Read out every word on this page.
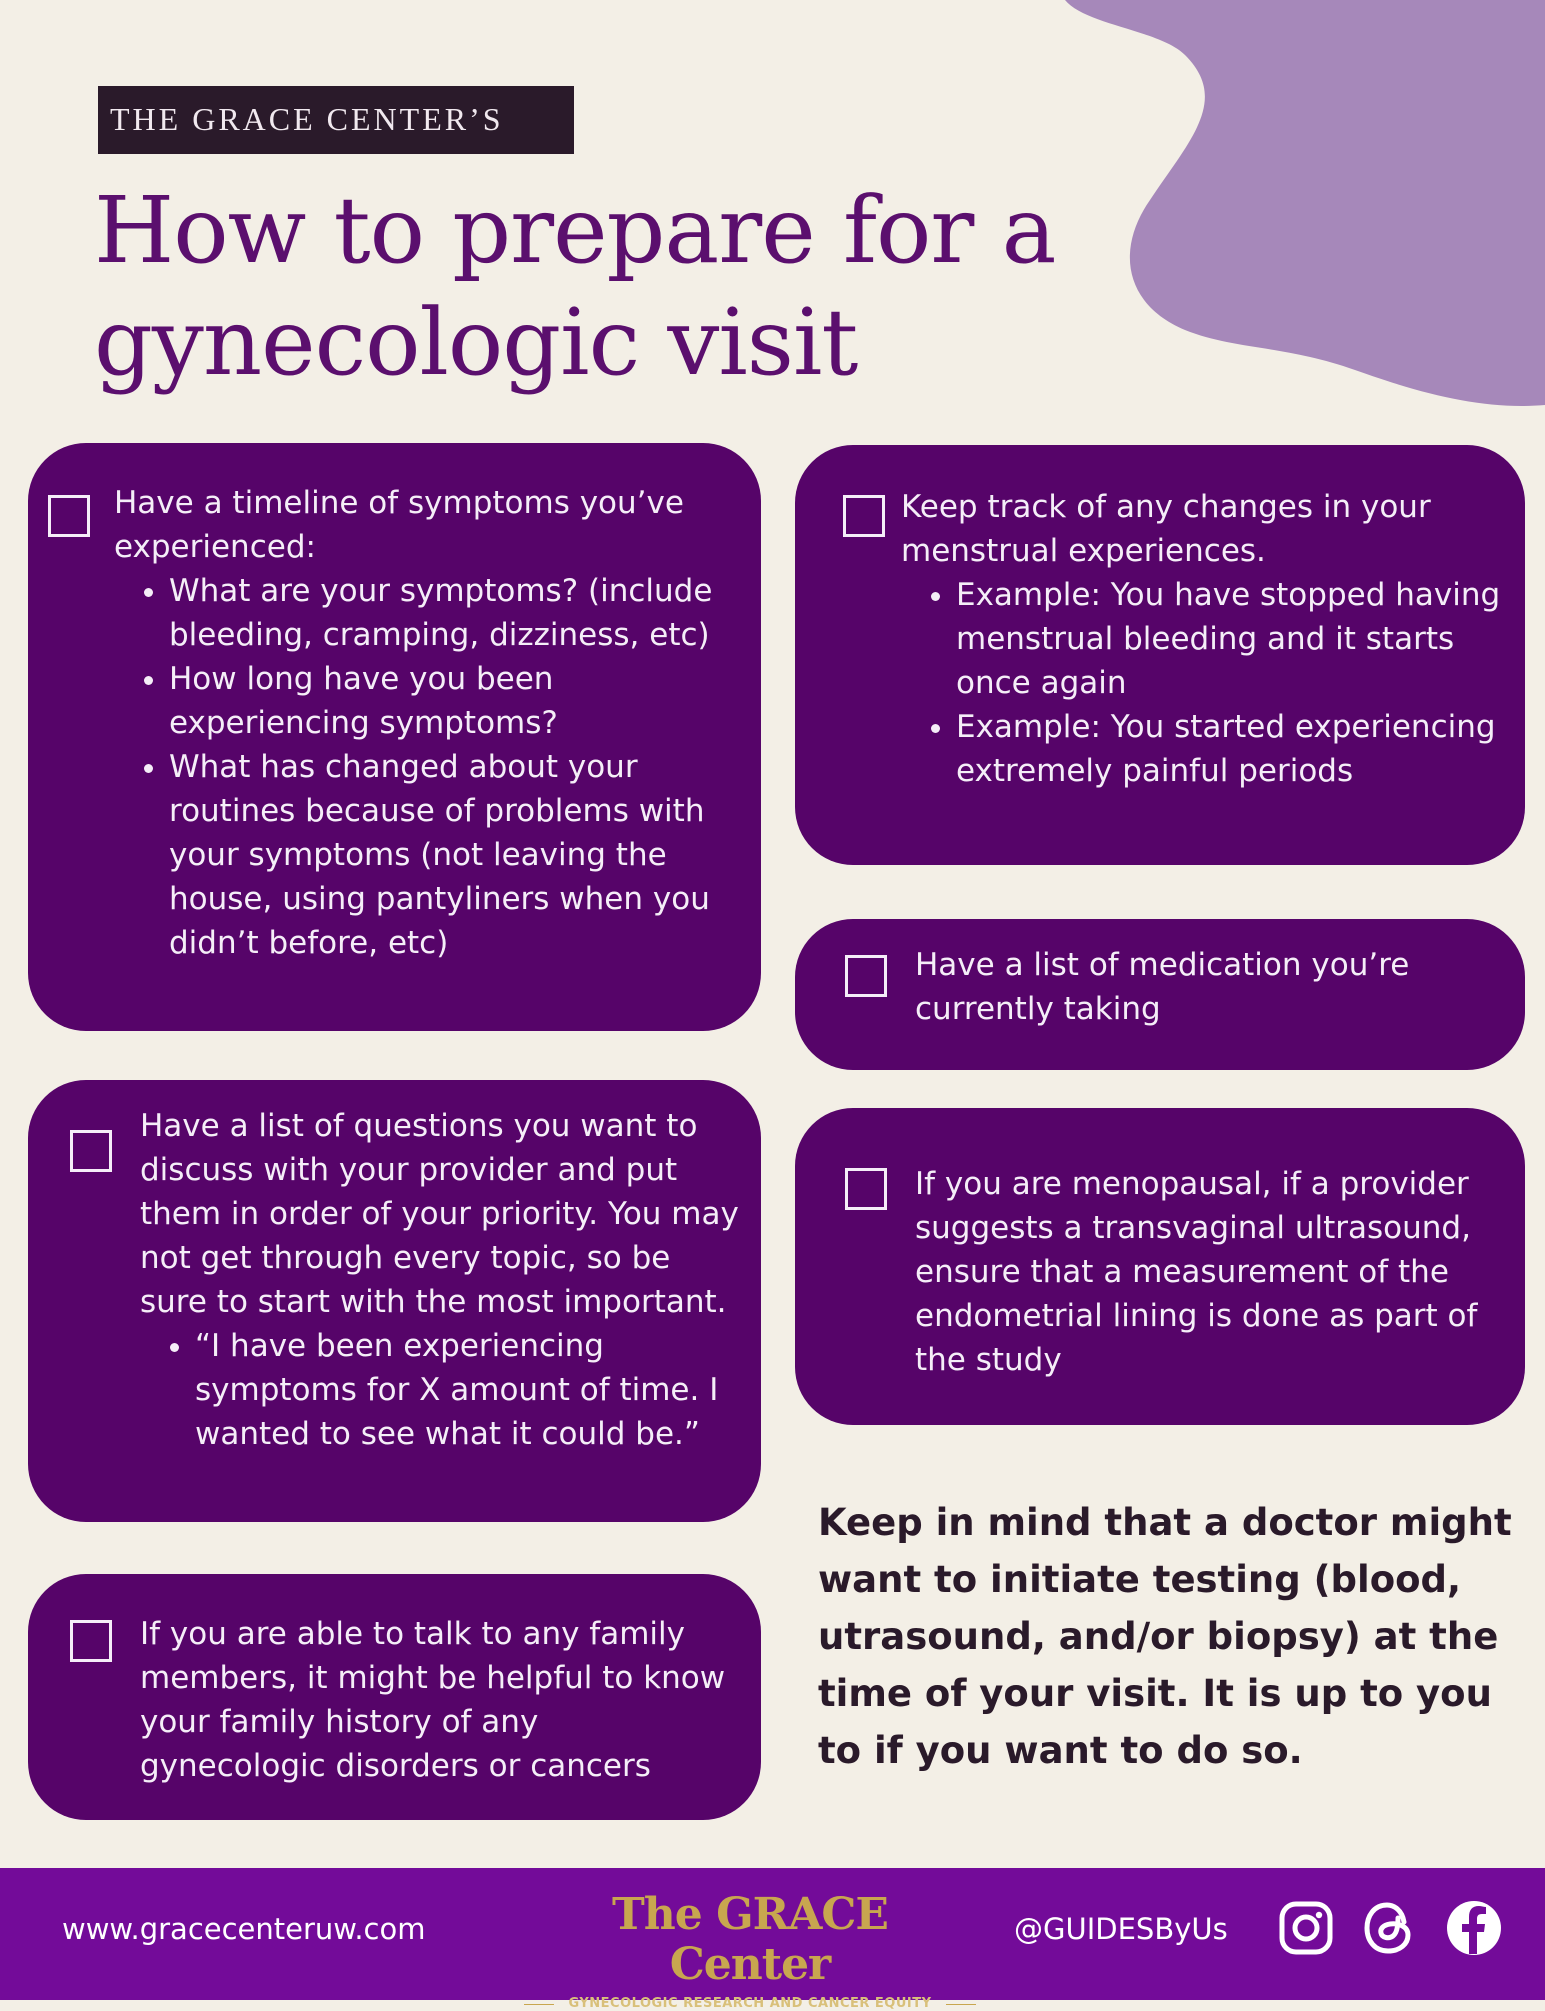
THE GRACE CENTER’S
How to prepare for a
gynecologic visit

Have a timeline of symptoms you’ve experienced:

• What are your symptoms? (include bleeding, cramping, dizziness, etc)
• How long have you been experiencing symptoms?
• What has changed about your routines because of problems with your symptoms (not leaving the house, using pantyliners when you didn’t before, etc)

Keep track of any changes in your menstrual experiences.

• Example: You have stopped having menstrual bleeding and it starts once again
• Example: You started experiencing extremely painful periods
Have a list of medication you’re currently taking

Have a list of questions you want to discuss with your provider and put them in order of your priority. You may not get through every topic, so be sure to start with the most important.

• “I have been experiencing symptoms for X amount of time. I wanted to see what it could be.”
If you are menopausal, if a provider suggests a transvaginal ultrasound, ensure that a measurement of the endometrial lining is done as part of the study
If you are able to talk to any family members, it might be helpful to know your family history of any gynecologic disorders or cancers
Keep in mind that a doctor might want to initiate testing (blood, utrasound, and/or biopsy) at the time of your visit. It is up to you to if you want to do so.
www.gracecenteruw.com	The GRACE Center
GYNECOLOGIC RESEARCH AND CANCER EQUITY
@GUIDESByUs
